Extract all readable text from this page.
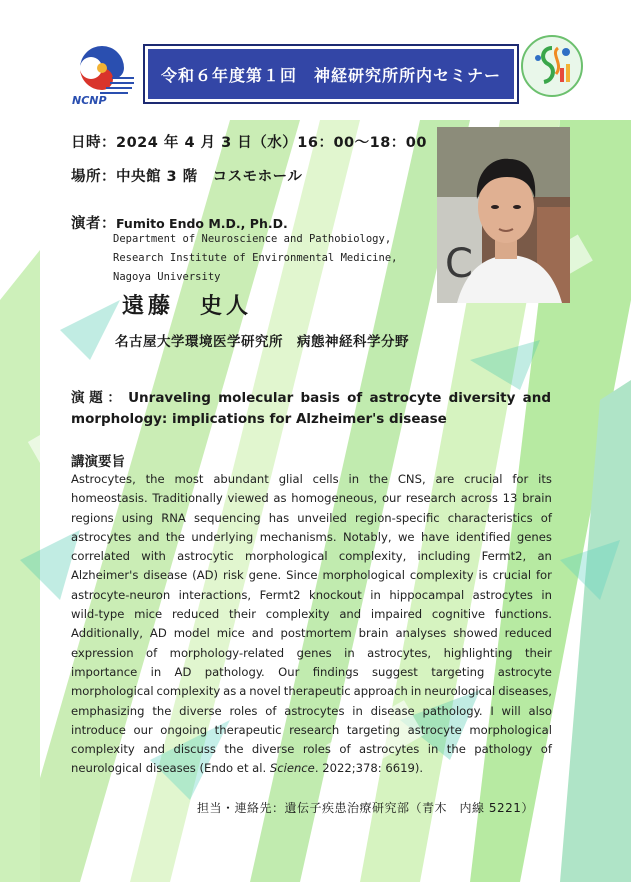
NCNP
令和６年度第１回　神経研究所所内セミナー
日時：2024 年 4 月 3 日（水）16：00〜18：00
場所：中央館 3 階　コスモホール
演者：Fumito Endo M.D., Ph.D.
Department of Neuroscience and Pathobiology,
Research Institute of Environmental Medicine,
Nagoya University	C
遠藤　史人
名古屋大学環境医学研究所　病態神経科学分野
演 題 ： Unraveling molecular basis of astrocyte diversity and
morphology: implications for Alzheimer's disease
講演要旨
Astrocytes, the most abundant glial cells in the CNS, are crucial for its
homeostasis. Traditionally viewed as homogeneous, our research across 13 brain
regions using RNA sequencing has unveiled region-specific characteristics of
astrocytes and the underlying mechanisms. Notably, we have identified genes
correlated with astrocytic morphological complexity, including Fermt2, an
Alzheimer's disease (AD) risk gene. Since morphological complexity is crucial for
astrocyte-neuron interactions, Fermt2 knockout in hippocampal astrocytes in
wild-type mice reduced their complexity and impaired cognitive functions.
Additionally, AD model mice and postmortem brain analyses showed reduced
expression of morphology-related genes in astrocytes, highlighting their
importance in AD pathology. Our findings suggest targeting astrocyte
morphological complexity as a novel therapeutic approach in neurological diseases,
emphasizing the diverse roles of astrocytes in disease pathology. I will also
introduce our ongoing therapeutic research targeting astrocyte morphological
complexity and discuss the diverse roles of astrocytes in the pathology of
neurological diseases (Endo et al. Science . 2022;378: 6619).
担当・連絡先：遺伝子疾患治療研究部（青木　内線 5221）
